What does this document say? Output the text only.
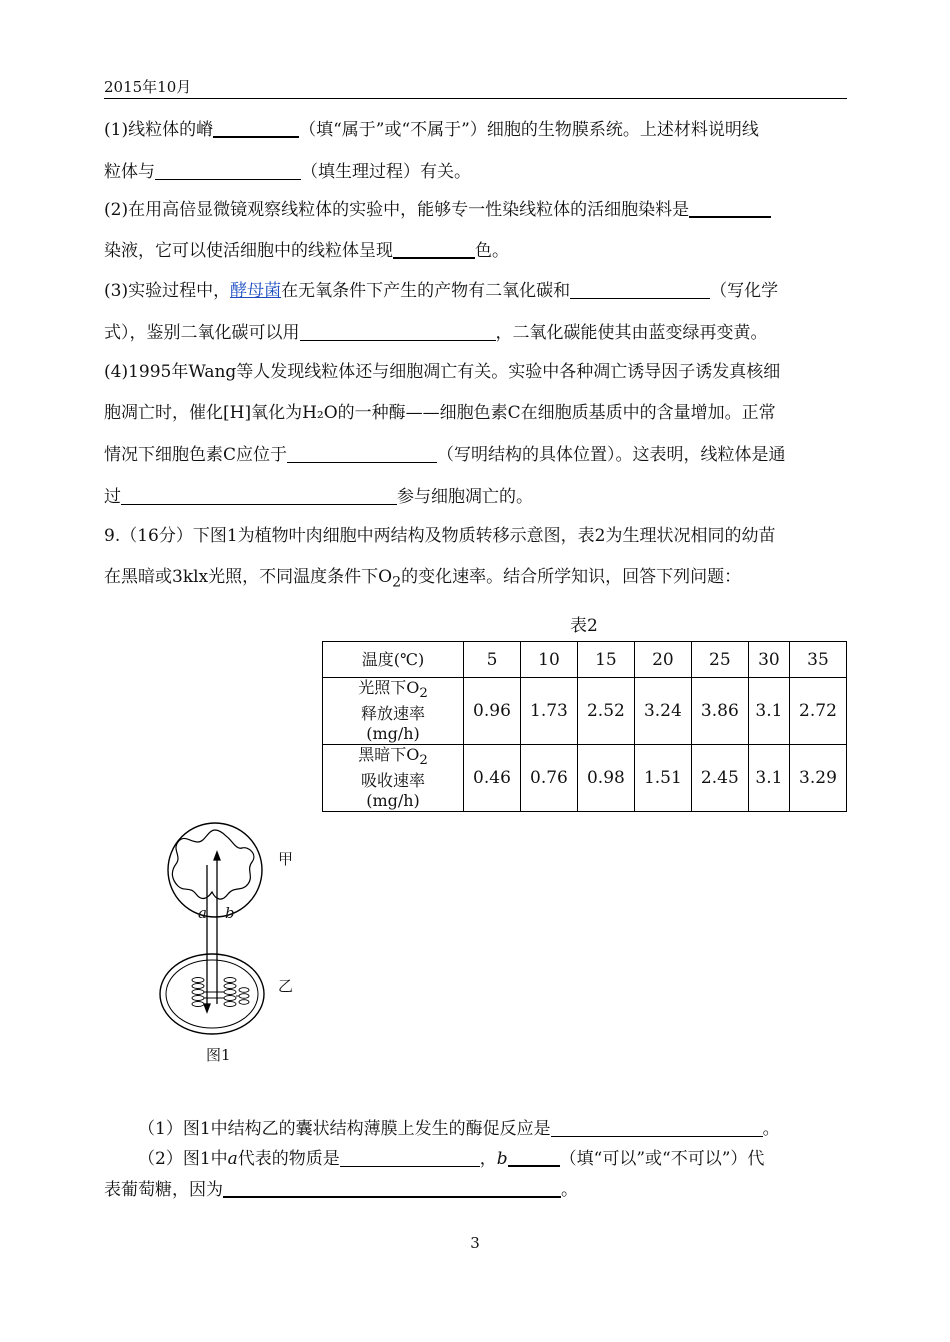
2015年10月
(1)线粒体的嵴	（填“属于”或“不属于”）细胞的生物膜系统。上述材料说明线
粒体与	（填生理过程）有关。
(2)在用高倍显微镜观察线粒体的实验中，能够专一性染线粒体的活细胞染料是
染液，它可以使活细胞中的线粒体呈现	色。
(3)实验过程中，酵母菌在无氧条件下产生的产物有二氧化碳和	（写化学
式），鉴别二氧化碳可以用	，二氧化碳能使其由蓝变绿再变黄。
(4)1995年Wang等人发现线粒体还与细胞凋亡有关。实验中各种凋亡诱导因子诱发真核细
胞凋亡时，催化[H]氧化为H₂O的一种酶——细胞色素C在细胞质基质中的含量增加。正常
情况下细胞色素C应位于	（写明结构的具体位置）。这表明，线粒体是通
过	参与细胞凋亡的。
9.（16分）下图1为植物叶肉细胞中两结构及物质转移示意图，表2为生理状况相同的幼苗
在黑暗或3klx光照，不同温度条件下$O_2$的变化速率。结合所学知识，回答下列问题：
表2
温度(℃)	5	10	15	20	25	30	35
光照下$O_2$
释放速率
(mg/h)	0.96	1.73	2.52	3.24	3.86	3.1	2.72
黑暗下$O_2$
吸收速率
(mg/h)	0.46	0.76	0.98	1.51	2.45	3.1	3.29
甲
乙
a b
图1
（1）图1中结构乙的囊状结构薄膜上发生的酶促反应是	。
（2）图1中a代表的物质是	，b	（填“可以”或“不可以”）代
表葡萄糖，因为	。
3
